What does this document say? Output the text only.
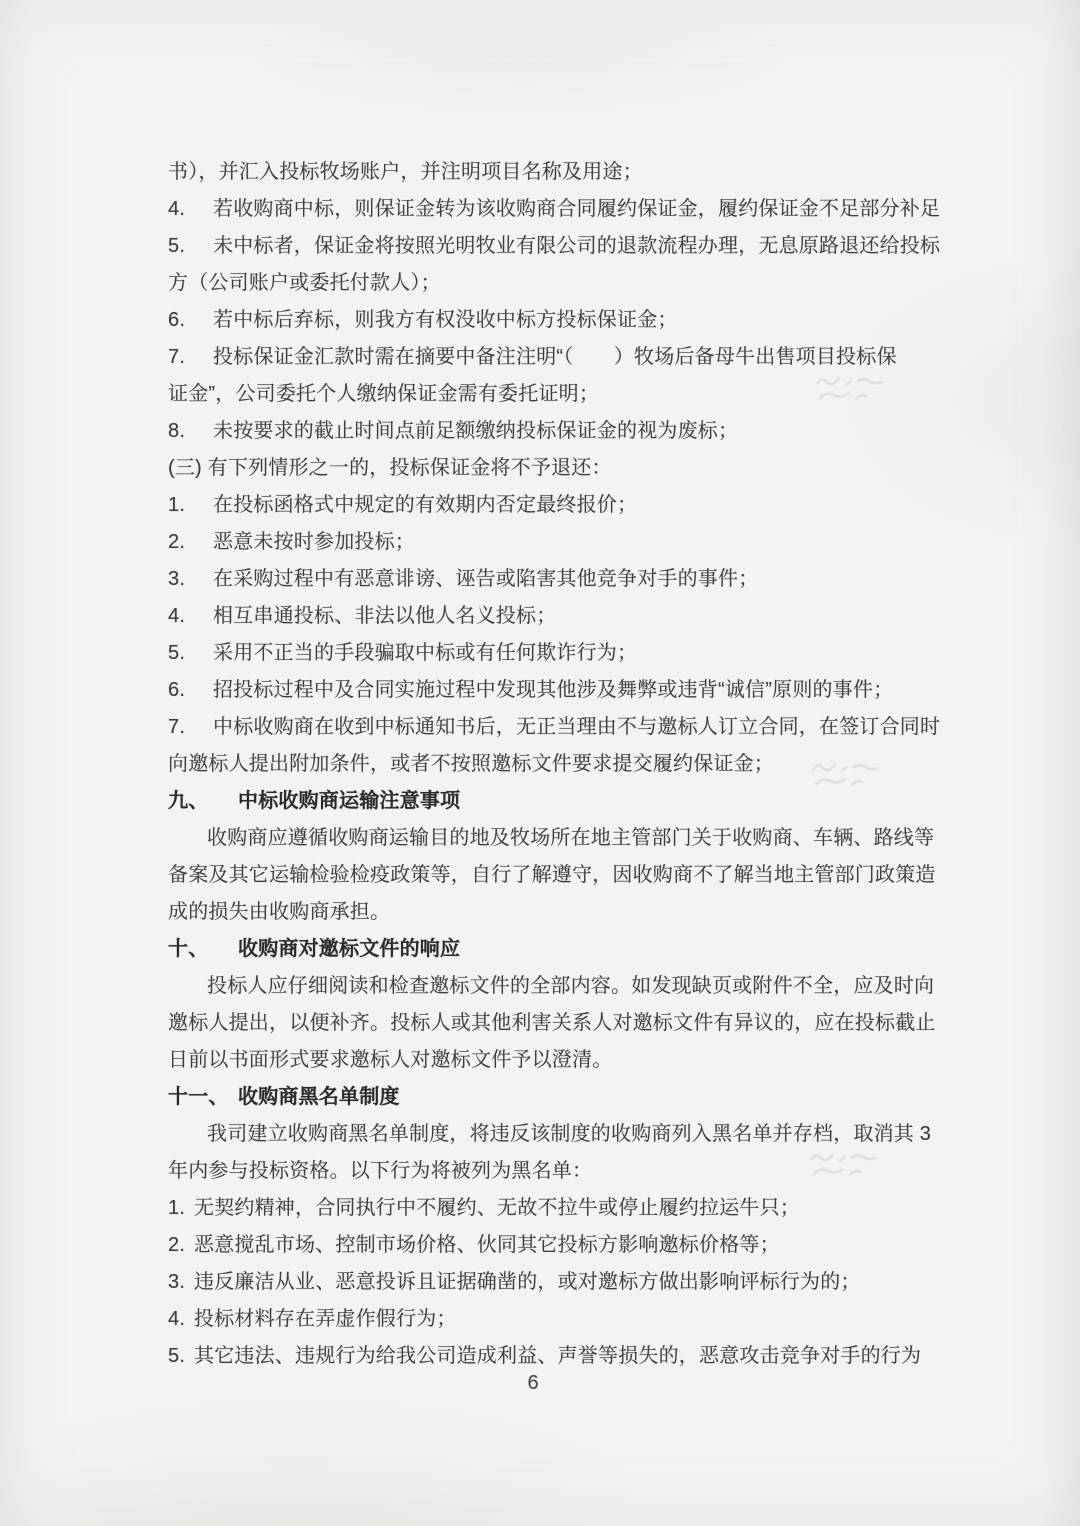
书），并汇入投标牧场账户，并注明项目名称及用途；
4. 若收购商中标，则保证金转为该收购商合同履约保证金，履约保证金不足部分补足
5. 未中标者，保证金将按照光明牧业有限公司的退款流程办理，无息原路退还给投标
方（公司账户或委托付款人）；
6. 若中标后弃标，则我方有权没收中标方投标保证金；
7. 投标保证金汇款时需在摘要中备注注明“（　　）牧场后备母牛出售项目投标保
证金”，公司委托个人缴纳保证金需有委托证明；
8. 未按要求的截止时间点前足额缴纳投标保证金的视为废标；
(三) 有下列情形之一的，投标保证金将不予退还：
1. 在投标函格式中规定的有效期内否定最终报价；
2. 恶意未按时参加投标；
3. 在采购过程中有恶意诽谤、诬告或陷害其他竞争对手的事件；
4. 相互串通投标、非法以他人名义投标；
5. 采用不正当的手段骗取中标或有任何欺诈行为；
6. 招投标过程中及合同实施过程中发现其他涉及舞弊或违背“诚信”原则的事件；
7. 中标收购商在收到中标通知书后，无正当理由不与邀标人订立合同，在签订合同时
向邀标人提出附加条件，或者不按照邀标文件要求提交履约保证金；
九、 中标收购商运输注意事项
收购商应遵循收购商运输目的地及牧场所在地主管部门关于收购商、车辆、路线等
备案及其它运输检验检疫政策等，自行了解遵守，因收购商不了解当地主管部门政策造
成的损失由收购商承担。
十、 收购商对邀标文件的响应
投标人应仔细阅读和检查邀标文件的全部内容。如发现缺页或附件不全，应及时向
邀标人提出，以便补齐。投标人或其他利害关系人对邀标文件有异议的，应在投标截止
日前以书面形式要求邀标人对邀标文件予以澄清。
十一、 收购商黑名单制度
我司建立收购商黑名单制度，将违反该制度的收购商列入黑名单并存档，取消其 3
年内参与投标资格。以下行为将被列为黑名单：
1. 无契约精神，合同执行中不履约、无故不拉牛或停止履约拉运牛只；
2. 恶意搅乱市场、控制市场价格、伙同其它投标方影响邀标价格等；
3. 违反廉洁从业、恶意投诉且证据确凿的，或对邀标方做出影响评标行为的；
4. 投标材料存在弄虚作假行为；
5. 其它违法、违规行为给我公司造成利益、声誉等损失的，恶意攻击竞争对手的行为
6
